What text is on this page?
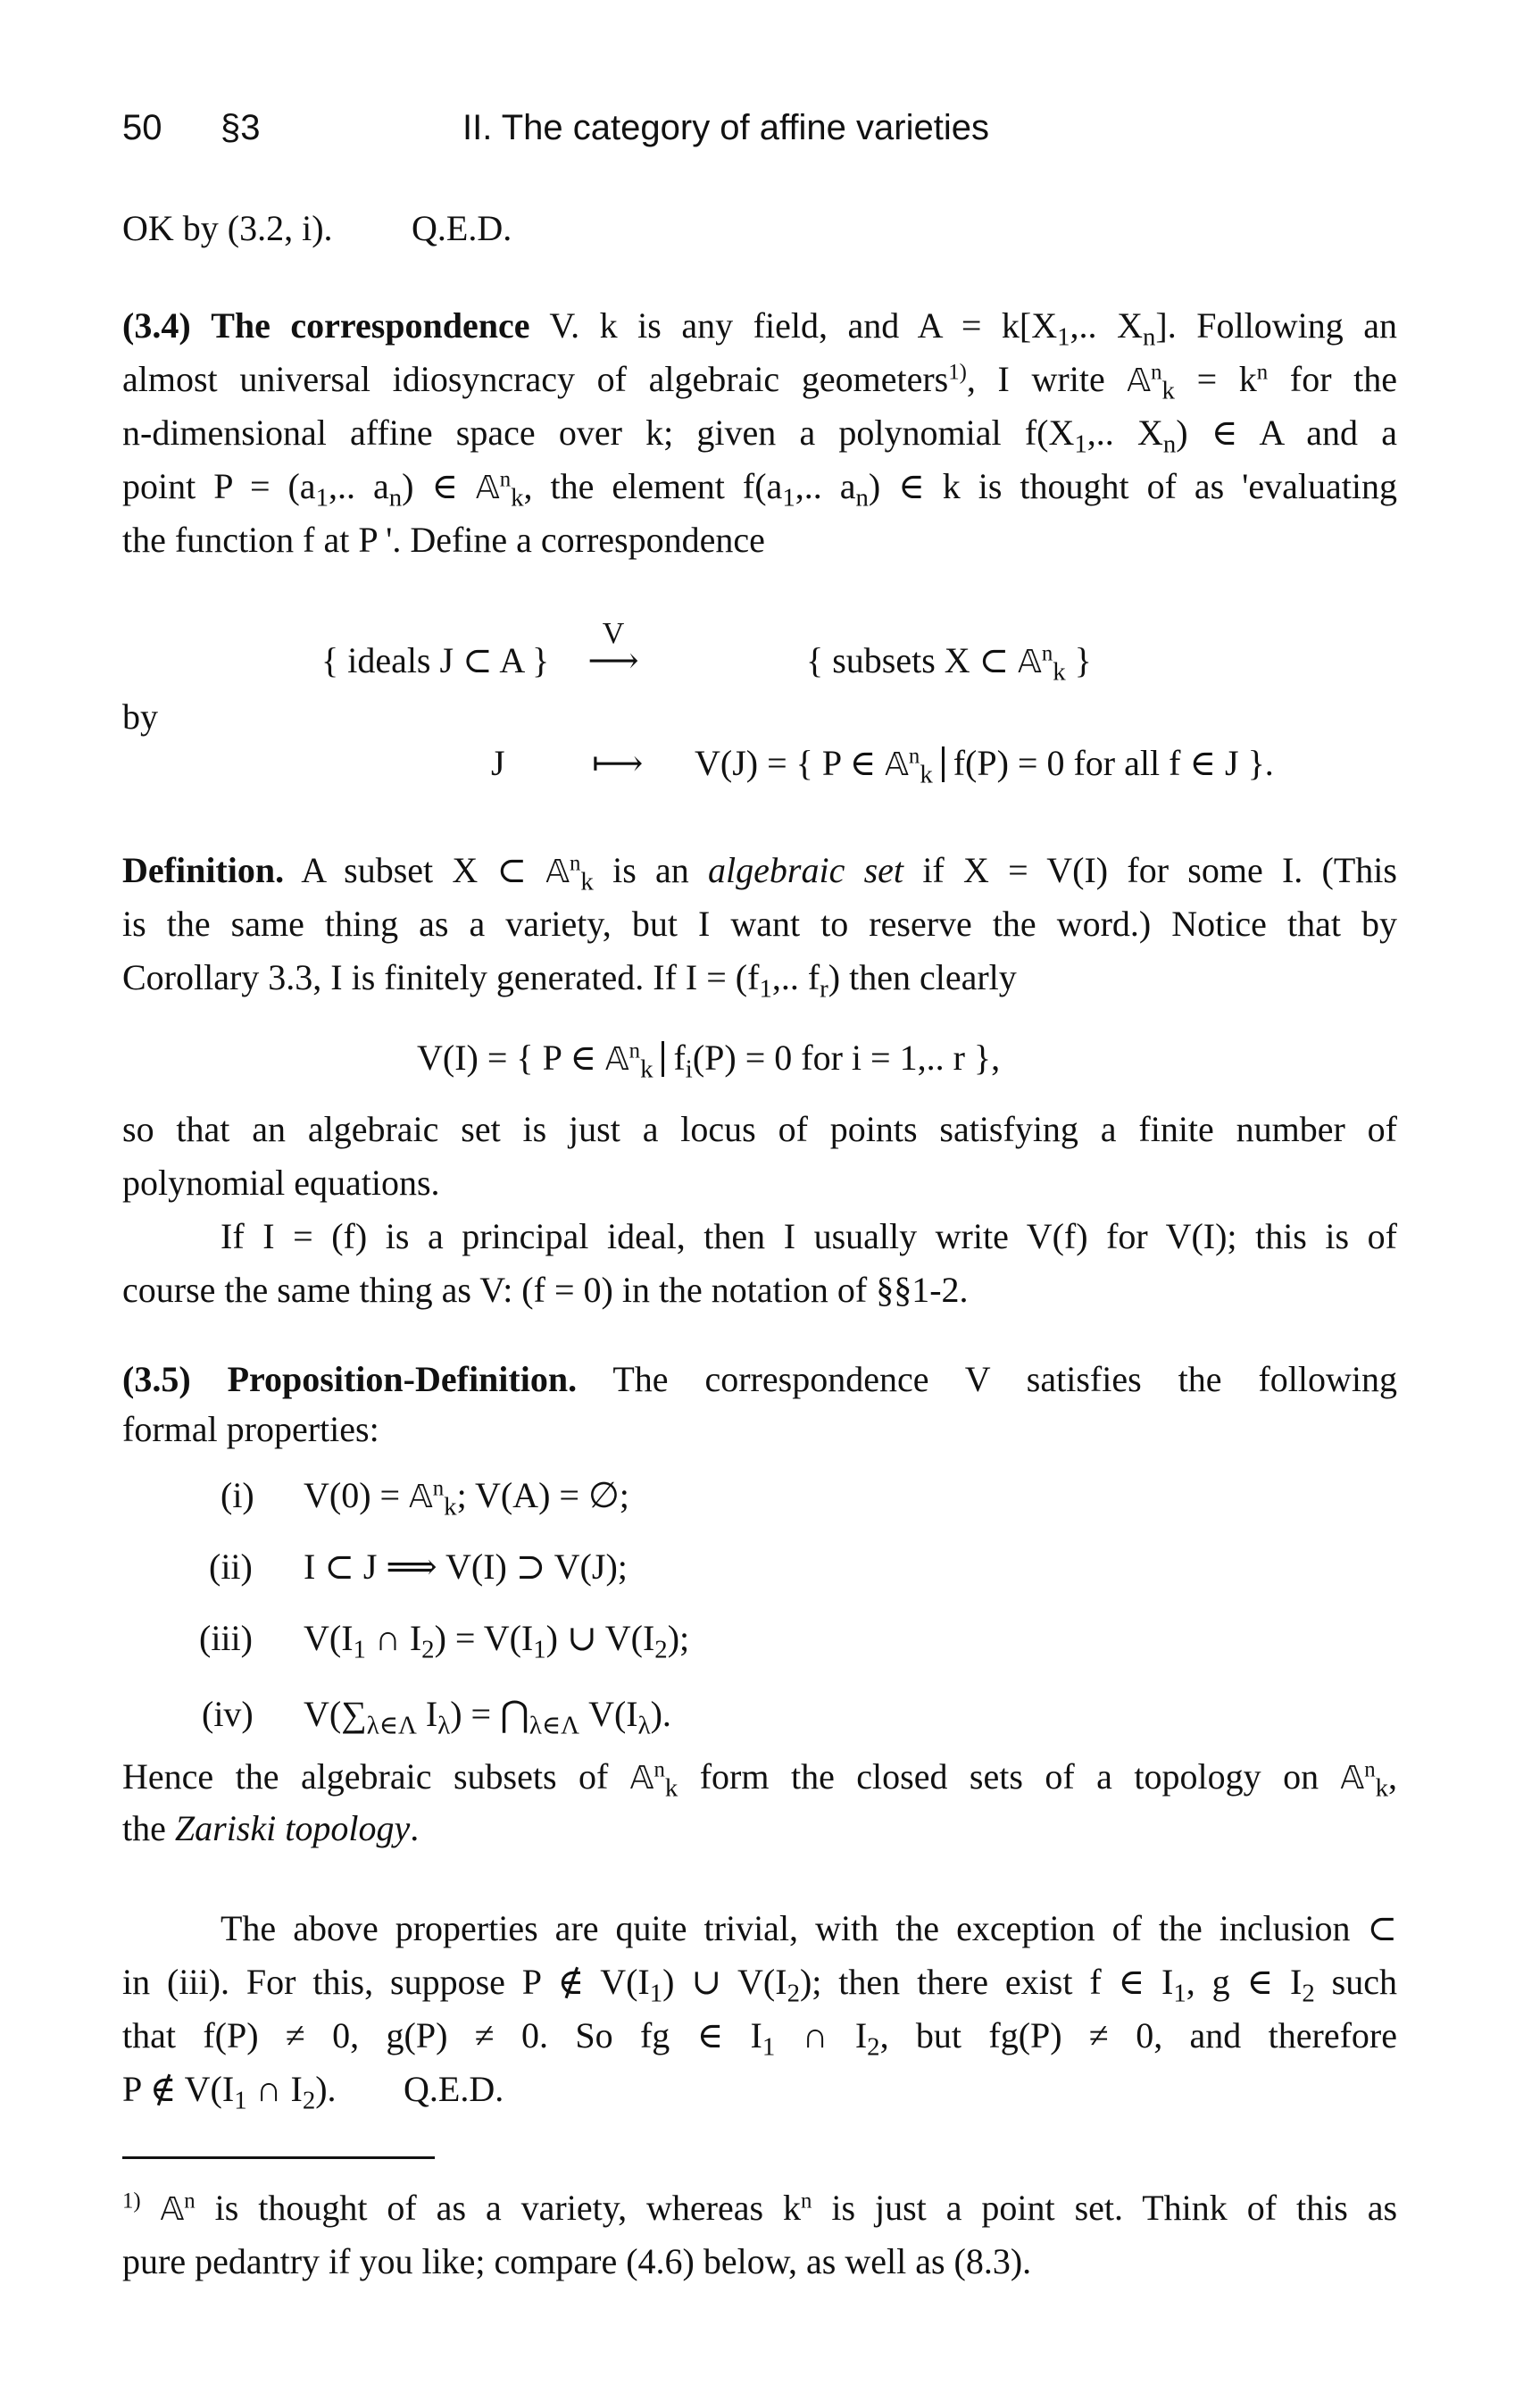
50 §3	II. The category of affine varieties
OK by (3.2, i). Q.E.D.
(3.4) The correspondence V. k is any field, and $A = k[X_1$,.. $X_n$]. Following an
almost universal idiosyncracy of algebraic geometers$^{1)}$, I write 𝔸$^n_k$ = $k^n$ for the
n-dimensional affine space over k; given a polynomial $f(X_1$,.. $X_n$) ∈ A and a
point $P = (a_1$,.. $a_n$) ∈ 𝔸$^n_k$, the element $f(a_1$,.. $a_n$) ∈ k is thought of as 'evaluating
the function f at P '. Define a correspondence
{ ideals J ⊂ A }
V
⟶	{ subsets X ⊂ 𝔸$^n_k$ }
by
J ⟼ V(J) = { P ∈ 𝔸$^n_k$ f(P) = 0 for all f ∈ J }.
Definition. A subset X ⊂ 𝔸$^n_k$ is an algebraic set if X = V(I) for some I. (This
is the same thing as a variety, but I want to reserve the word.) Notice that by
Corollary 3.3, I is finitely generated. If $I = (f_1$,.. $f_r$) then clearly
V(I) = { P ∈ 𝔸$^n_k$ $f_i(P) = 0$ for i = 1,.. r },
so that an algebraic set is just a locus of points satisfying a finite number of
polynomial equations.
If I = (f) is a principal ideal, then I usually write V(f) for V(I); this is of
course the same thing as V: (f = 0) in the notation of §§1-2.
(3.5) Proposition-Definition. The correspondence V satisfies the following
formal properties:
(i) V(0) = 𝔸$^n_k$; V(A) = ∅;
(ii) I ⊂ J ⟹ V(I) ⊃ V(J);
(iii) $V(I_1$ ∩ $I_2) = V(I_1)$ ∪ $V(I_2)$;
(iv) $V(\sum_{\lambda\in\Lambda}$ $I_\lambda$) = $⋂_{\lambda\in\Lambda}$ $V(I_\lambda)$.
Hence the algebraic subsets of 𝔸$^n_k$ form the closed sets of a topology on 𝔸$^n_k$,
the Zariski topology.
The above properties are quite trivial, with the exception of the inclusion ⊂
in (iii). For this, suppose P ∉ $V(I_1)$ ∪ $V(I_2)$; then there exist f ∈ $I_1$, g ∈ $I_2$ such
that f(P) ≠ 0, g(P) ≠ 0. So fg ∈ $I_1$ ∩ $I_2$, but fg(P) ≠ 0, and therefore
P ∉ $V(I_1$ ∩ $I_2$). Q.E.D.
$^{1)}$ 𝔸$^n$ is thought of as a variety, whereas $k^n$ is just a point set. Think of this as
pure pedantry if you like; compare (4.6) below, as well as (8.3).
